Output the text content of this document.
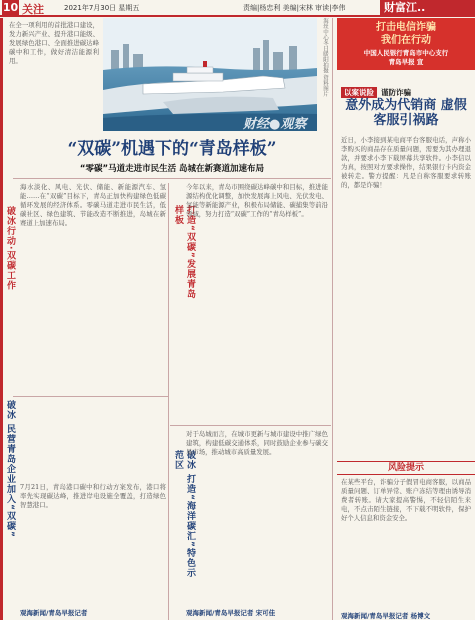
10 关注	2021年7月30日 星期五	责编|杨忠利 美编|宋林 审读|李伟	财富江..
在全一项利用的首批港口建设，发力新兴产业、提升港口能级、发展绿色港口、全面推进碳达峰碳中和工作，做好清洁能源利用。
财经●观察
海丝中心冬日暖阳拍摄 资料图片
“双碳”机遇下的“青岛样板”
“零碳”马道走进市民生活 岛城在新赛道加速布局
破冰行动·双碳工作	打造“双碳”发展青岛样板
破冰 民营青岛企业加入“双碳”	破冰 打造“海洋碳汇”特色示范区
海水淡化、风电、光伏、储能、新能源汽车、氢能……在“双碳”目标下，青岛正加快构建绿色低碳循环发展的经济体系。零碳马道走进市民生活，低碳社区、绿色建筑、节能改造不断推进，岛城在新赛道上加速布局。
今年以来，青岛市围绕碳达峰碳中和目标，推进能源结构优化调整，加快发展海上风电、光伏发电、氢能等新能源产业，积极布局储能、碳捕集等前沿领域，努力打造“双碳”工作的“青岛样板”。
7月21日，青岛港口碳中和行动方案发布，港口将率先实现碳达峰，推进岸电设施全覆盖，打造绿色智慧港口。
对于岛城而言，在城市更新与城市建设中推广绿色建筑，构建低碳交通体系，同时鼓励企业参与碳交易市场，推动城市高质量发展。
观海新闻/青岛早报记者	观海新闻/青岛早报记者 宋可佳
打击电信诈骗
我们在行动
中国人民银行青岛市中心支行
青岛早报 宣
以案说险 谨防诈骗
意外成为代销商 虚假客服引祸路
近日，小李接到某电商平台客服电话，声称小李购买的商品存在质量问题，需要为其办理退款，并要求小李下载屏幕共享软件。小李信以为真，按照对方要求操作，结果银行卡内资金被转走。警方提醒：凡是自称客服要求转账的，都是诈骗！
风险提示
在某些平台，诈骗分子假冒电商客服，以商品质量问题、订单异常、账户冻结等理由诱导消费者转账。请大家提高警惕，不轻信陌生来电，不点击陌生链接，不下载不明软件，保护好个人信息和资金安全。
观海新闻/青岛早报记者 杨博文
